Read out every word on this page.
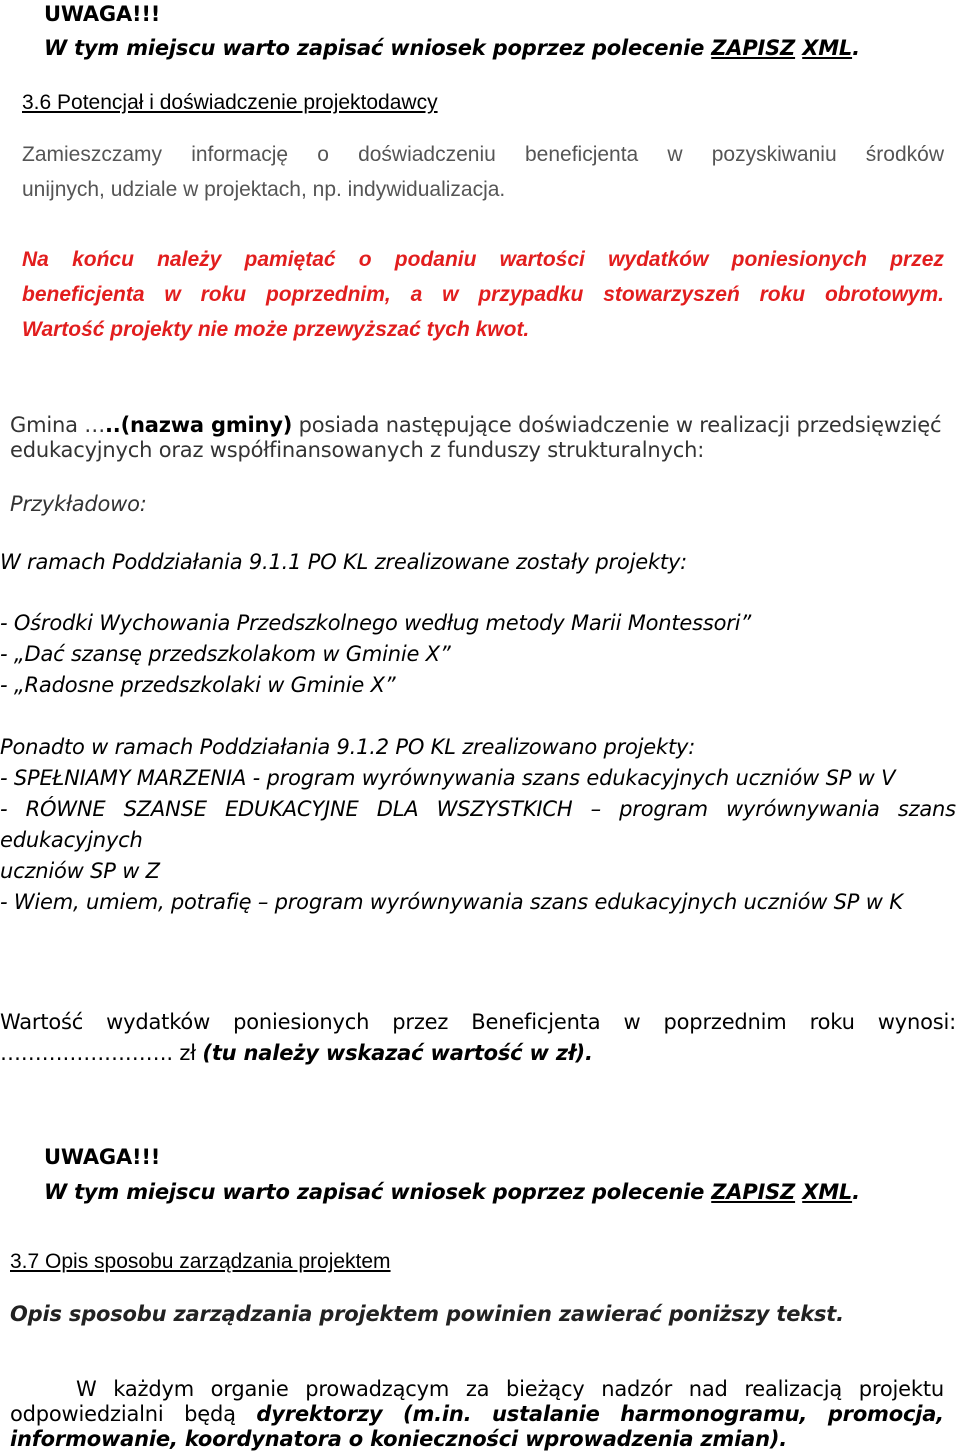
UWAGA!!!
W tym miejscu warto zapisać wniosek poprzez polecenie ZAPISZ XML.
3.6 Potencjał i doświadczenie projektodawcy
Zamieszczamy informację o doświadczeniu beneficjenta w pozyskiwaniu środków
unijnych, udziale w projektach, np. indywidualizacja.
Na końcu należy pamiętać o podaniu wartości wydatków poniesionych przez
beneficjenta w roku poprzednim, a w przypadku stowarzyszeń roku obrotowym.
Wartość projekty nie może przewyższać tych kwot.
Gmina …..(nazwa gminy) posiada następujące doświadczenie w realizacji przedsięwzięć
edukacyjnych oraz współfinansowanych z funduszy strukturalnych:
Przykładowo:
W ramach Poddziałania 9.1.1 PO KL zrealizowane zostały projekty:
- Ośrodki Wychowania Przedszkolnego według metody Marii Montessori”
- „Dać szansę przedszkolakom w Gminie X”
- „Radosne przedszkolaki w Gminie X”
Ponadto w ramach Poddziałania 9.1.2 PO KL zrealizowano projekty:
- SPEŁNIAMY MARZENIA - program wyrównywania szans edukacyjnych uczniów SP w V
- RÓWNE SZANSE EDUKACYJNE DLA WSZYSTKICH – program wyrównywania szans
edukacyjnych
uczniów SP w Z
- Wiem, umiem, potrafię – program wyrównywania szans edukacyjnych uczniów SP w K
Wartość wydatków poniesionych przez Beneficjenta w poprzednim roku wynosi:
……………………. zł (tu należy wskazać wartość w zł).
UWAGA!!!
W tym miejscu warto zapisać wniosek poprzez polecenie ZAPISZ XML.
3.7 Opis sposobu zarządzania projektem
Opis sposobu zarządzania projektem powinien zawierać poniższy tekst.
W każdym organie prowadzącym za bieżący nadzór nad realizacją projektu
odpowiedzialni będą dyrektorzy (m.in. ustalanie harmonogramu, promocja,
informowanie, koordynatora o konieczności wprowadzenia zmian).
